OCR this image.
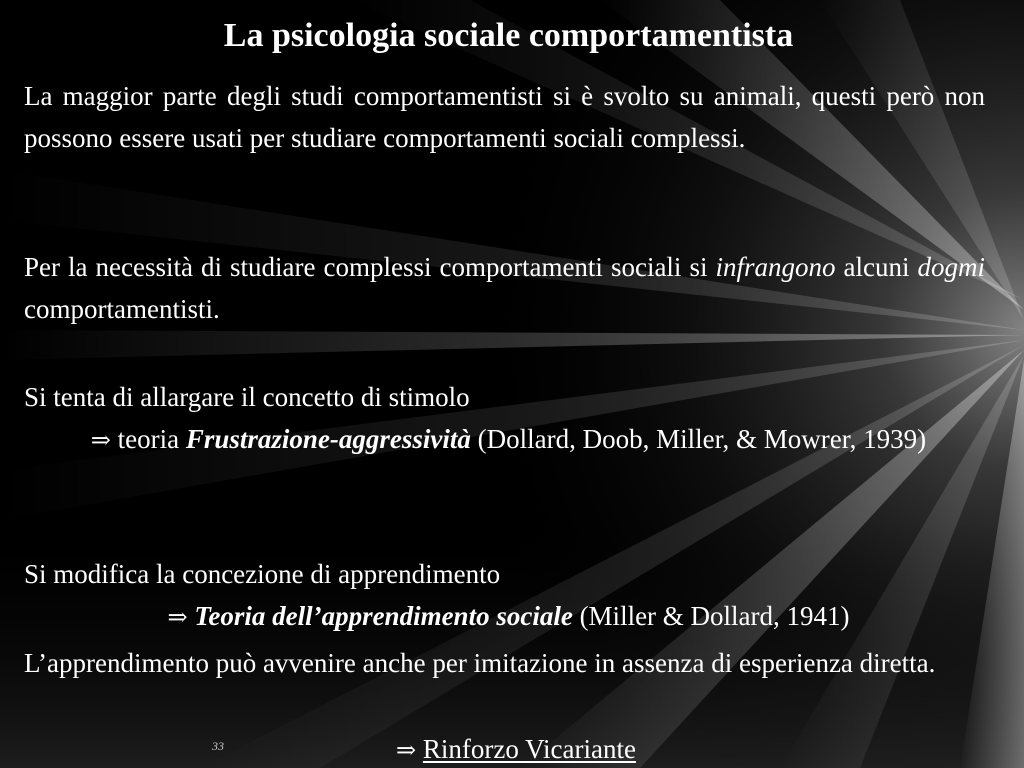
La psicologia sociale comportamentista
La maggior parte degli studi comportamentisti si è svolto su animali, questi però non possono essere usati per studiare comportamenti sociali complessi.
Per la necessità di studiare complessi comportamenti sociali si infrangono alcuni dogmi comportamentisti.
Si tenta di allargare il concetto di stimolo
⇒ teoria Frustrazione-aggressività (Dollard, Doob, Miller, & Mowrer, 1939)
Si modifica la concezione di apprendimento
⇒ Teoria dell’apprendimento sociale (Miller & Dollard, 1941)
L’apprendimento può avvenire anche per imitazione in assenza di esperienza diretta.
⇒ Rinforzo Vicariante
33
